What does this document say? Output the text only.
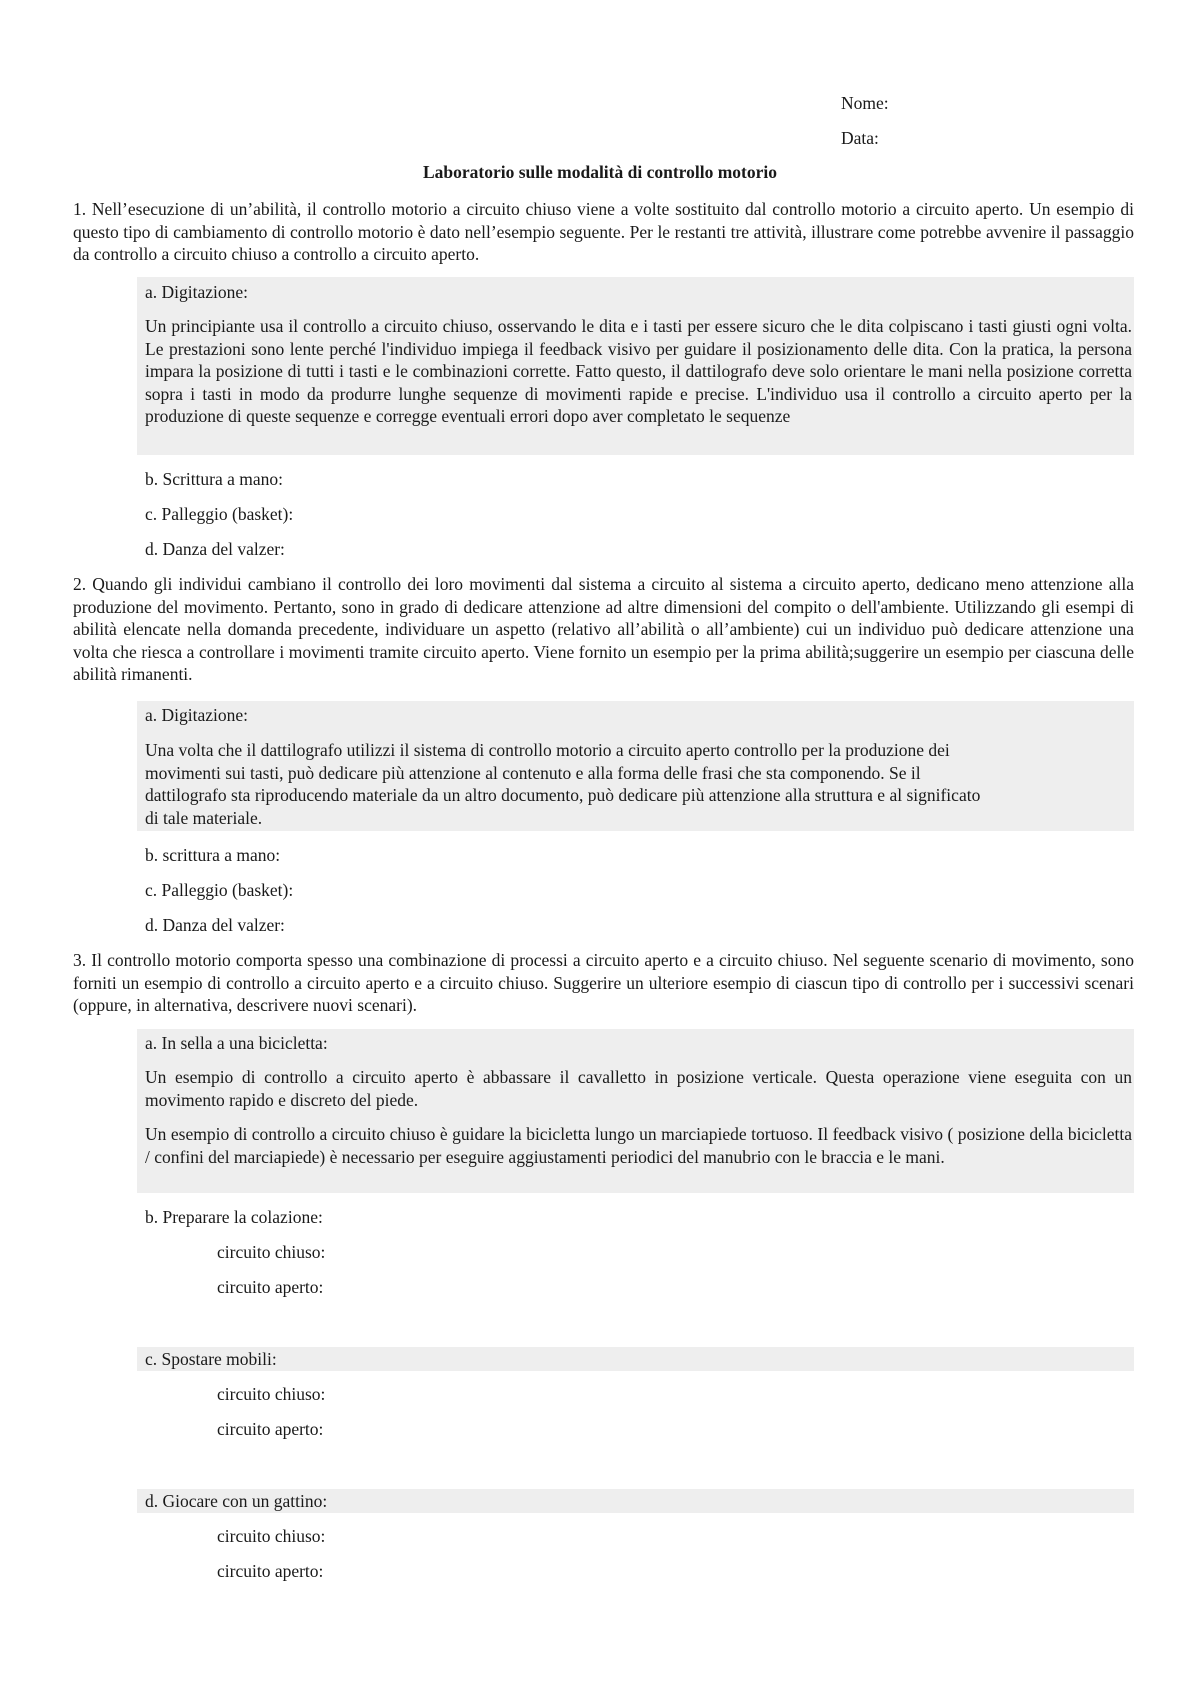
Nome:
Data:
Laboratorio sulle modalità di controllo motorio
1. Nell’esecuzione di un’abilità, il controllo motorio a circuito chiuso viene a volte sostituito dal controllo motorio a circuito aperto. Un esempio di questo tipo di cambiamento di controllo motorio è dato nell’esempio seguente. Per le restanti tre attività, illustrare come potrebbe avvenire il passaggio da controllo a circuito chiuso a controllo a circuito aperto.
a. Digitazione:
Un principiante usa il controllo a circuito chiuso, osservando le dita e i tasti per essere sicuro che le dita colpiscano i tasti giusti ogni volta. Le prestazioni sono lente perché l'individuo impiega il feedback visivo per guidare il posizionamento delle dita. Con la pratica, la persona impara la posizione di tutti i tasti e le combinazioni corrette. Fatto questo, il dattilografo deve solo orientare le mani nella posizione corretta sopra i tasti in modo da produrre lunghe sequenze di movimenti rapide e precise. L'individuo usa il controllo a circuito aperto per la produzione di queste sequenze e corregge eventuali errori dopo aver completato le sequenze
b. Scrittura a mano:
c. Palleggio (basket):
d. Danza del valzer:
2. Quando gli individui cambiano il controllo dei loro movimenti dal sistema a circuito al sistema a circuito aperto, dedicano meno attenzione alla produzione del movimento. Pertanto, sono in grado di dedicare attenzione ad altre dimensioni del compito o dell'ambiente. Utilizzando gli esempi di abilità elencate nella domanda precedente, individuare un aspetto (relativo all’abilità o all’ambiente) cui un individuo può dedicare attenzione una volta che riesca a controllare i movimenti tramite circuito aperto. Viene fornito un esempio per la prima abilità;suggerire un esempio per ciascuna delle abilità rimanenti.
a. Digitazione:
Una volta che il dattilografo utilizzi il sistema di controllo motorio a circuito aperto controllo per la produzione dei
movimenti sui tasti, può dedicare più attenzione al contenuto e alla forma delle frasi che sta componendo. Se il
dattilografo sta riproducendo materiale da un altro documento, può dedicare più attenzione alla struttura e al significato
di tale materiale.
b. scrittura a mano:
c. Palleggio (basket):
d. Danza del valzer:
3. Il controllo motorio comporta spesso una combinazione di processi a circuito aperto e a circuito chiuso. Nel seguente scenario di movimento, sono forniti un esempio di controllo a circuito aperto e a circuito chiuso. Suggerire un ulteriore esempio di ciascun tipo di controllo per i successivi scenari (oppure, in alternativa, descrivere nuovi scenari).
a. In sella a una bicicletta:
Un esempio di controllo a circuito aperto è abbassare il cavalletto in posizione verticale. Questa operazione viene eseguita con un movimento rapido e discreto del piede.
Un esempio di controllo a circuito chiuso è guidare la bicicletta lungo un marciapiede tortuoso. Il feedback visivo ( posizione della bicicletta / confini del marciapiede) è necessario per eseguire aggiustamenti periodici del manubrio con le braccia e le mani.
b. Preparare la colazione:
circuito chiuso:
circuito aperto:
c. Spostare mobili:
circuito chiuso:
circuito aperto:
d. Giocare con un gattino:
circuito chiuso:
circuito aperto:
